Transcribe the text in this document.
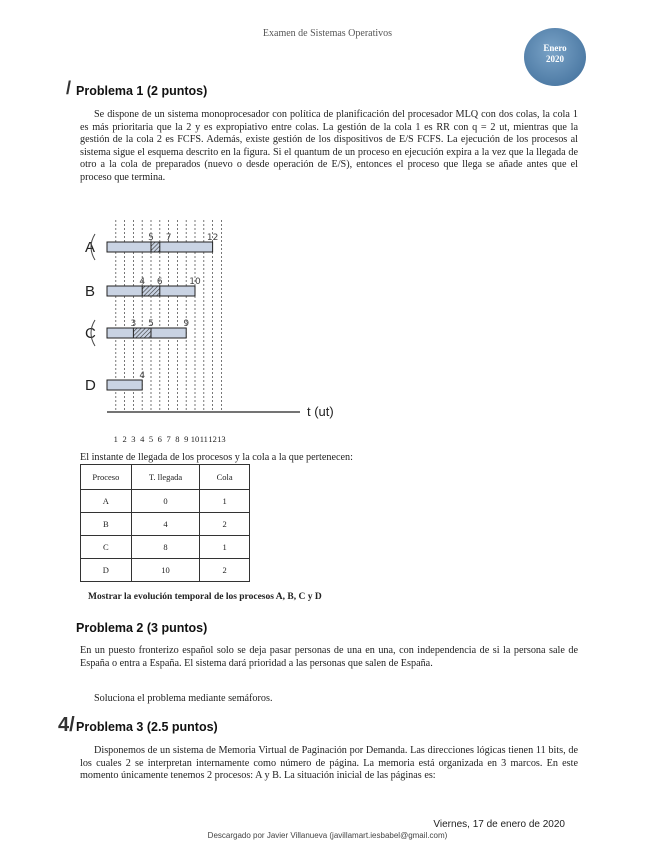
Examen de Sistemas Operativos
Enero
2020
/ Problema 1 (2 puntos)

Se dispone de un sistema monoprocesador con política de planificación del procesador MLQ con dos colas, la cola 1 es más prioritaria que la 2 y es expropiativo entre colas. La gestión de la cola 1 es RR con q = 2 ut, mientras que la gestión de la cola 2 es FCFS. Además, existe gestión de los dispositivos de E/S FCFS. La ejecución de los procesos al sistema sigue el esquema descrito en la figura. Si el quantum de un proceso en ejecución expira a la vez que la llegada de otro a la cola de preparados (nuevo o desde operación de E/S), entonces el proceso que llega se añade antes que el proceso que termina.

t (ut)
1 2 3 4 5 6 7 8 9 10 11 12 13
A
5 7	12
B
4 6	10
C
3 5	9
D
4

El instante de llegada de los procesos y la cola a la que pertenecen:

Proceso	T. llegada	Cola
A	0	1
B	4	2
C	8	1
D	10	2
Mostrar la evolución temporal de los procesos A, B, C y D
Problema 2 (3 puntos)

En un puesto fronterizo español solo se deja pasar personas de una en una, con independencia de si la persona sale de España o entra a España. El sistema dará prioridad a las personas que salen de España.

Soluciona el problema mediante semáforos.

4/ Problema 3 (2.5 puntos)

Disponemos de un sistema de Memoria Virtual de Paginación por Demanda. Las direcciones lógicas tienen 11 bits, de los cuales 2 se interpretan internamente como número de página. La memoria está organizada en 3 marcos. En este momento únicamente tenemos 2 procesos: A y B. La situación inicial de las páginas es:

Viernes, 17 de enero de 2020
Descargado por Javier Villanueva (javillamart.iesbabel@gmail.com)
